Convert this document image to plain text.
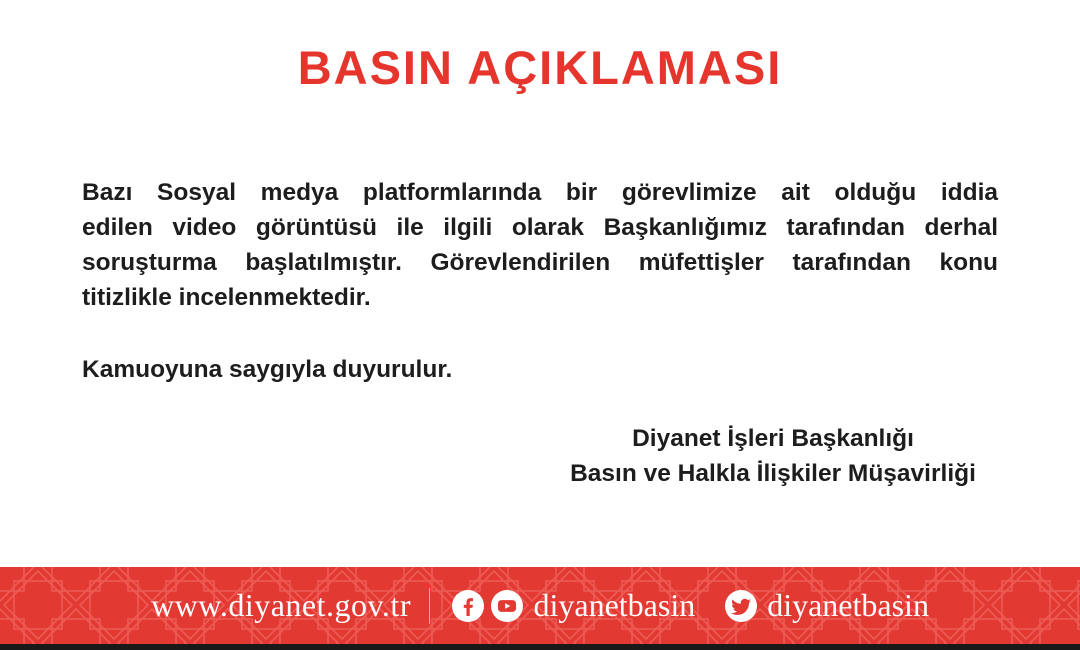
BASIN AÇIKLAMASI
Bazı Sosyal medya platformlarında bir görevlimize ait olduğu iddia
edilen video görüntüsü ile ilgili olarak Başkanlığımız tarafından derhal
soruşturma başlatılmıştır. Görevlendirilen müfettişler tarafından konu
titizlikle incelenmektedir.
Kamuoyuna saygıyla duyurulur.
Diyanet İşleri Başkanlığı
Basın ve Halkla İlişkiler Müşavirliği
www.diyanet.gov.tr	diyanetbasin diyanetbasin
